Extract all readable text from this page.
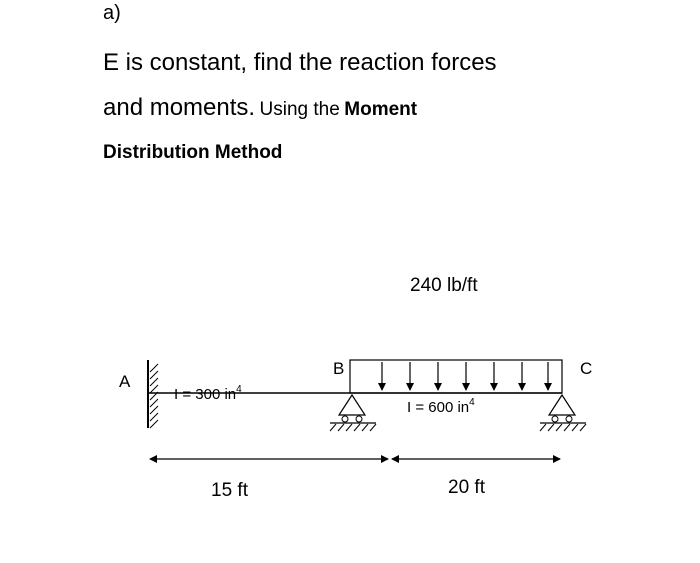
a)
E is constant, find the reaction forces
and moments. Using the Moment
Distribution Method
240 lb/ft
A
B	C
I = 300 $in^4$
I = 600 $in^4$
15 ft	20 ft
